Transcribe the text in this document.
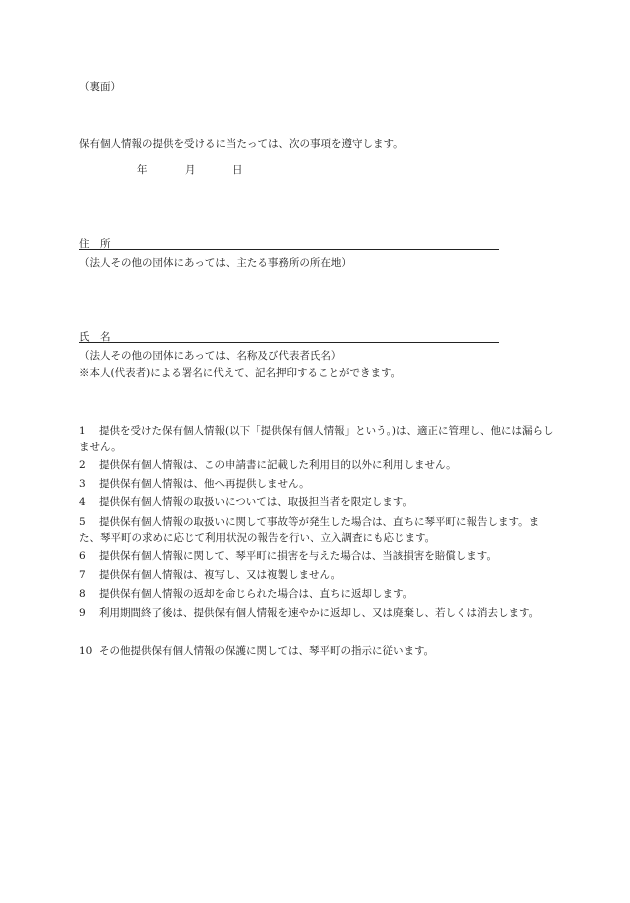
（裏面）
保有個人情報の提供を受けるに当たっては、次の事項を遵守します。
年	月	日
住　所
（法人その他の団体にあっては、主たる事務所の所在地）
氏　名
（法人その他の団体にあっては、名称及び代表者氏名）
※本人(代表者)による署名に代えて、記名押印することができます。
1 提供を受けた保有個人情報(以下「提供保有個人情報」という。)は、適正に管理し、他には漏らしません。
2 提供保有個人情報は、この申請書に記載した利用目的以外に利用しません。
3 提供保有個人情報は、他へ再提供しません。
4 提供保有個人情報の取扱いについては、取扱担当者を限定します。
5 提供保有個人情報の取扱いに関して事故等が発生した場合は、直ちに琴平町に報告します。また、琴平町の求めに応じて利用状況の報告を行い、立入調査にも応じます。
6 提供保有個人情報に関して、琴平町に損害を与えた場合は、当該損害を賠償します。
7 提供保有個人情報は、複写し、又は複製しません。
8 提供保有個人情報の返却を命じられた場合は、直ちに返却します。
9 利用期間終了後は、提供保有個人情報を速やかに返却し、又は廃棄し、若しくは消去します。
10 その他提供保有個人情報の保護に関しては、琴平町の指示に従います。
